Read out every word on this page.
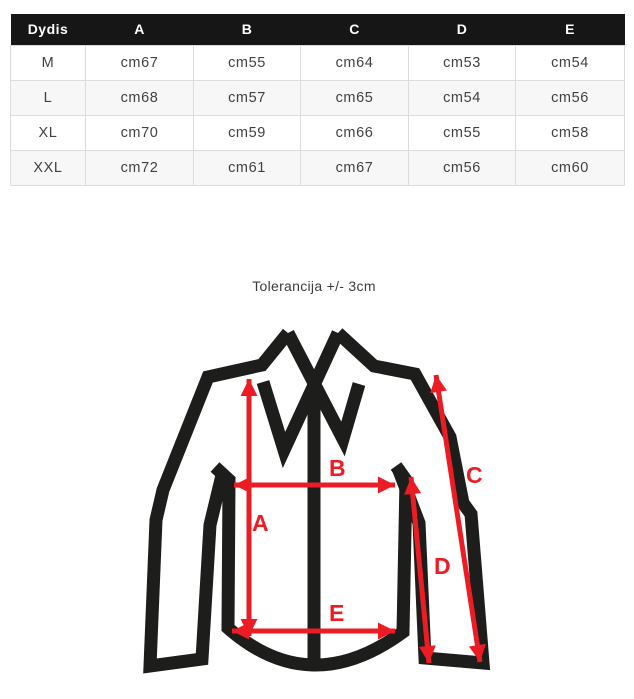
Dydis	A	B	C	D	E
M	cm67	cm55	cm64	cm53	cm54
L	cm68	cm57	cm65	cm54	cm56
XL	cm70	cm59	cm66	cm55	cm58
XXL	cm72	cm61	cm67	cm56	cm60
Tolerancija +/- 3cm
A
B	C
D
E
